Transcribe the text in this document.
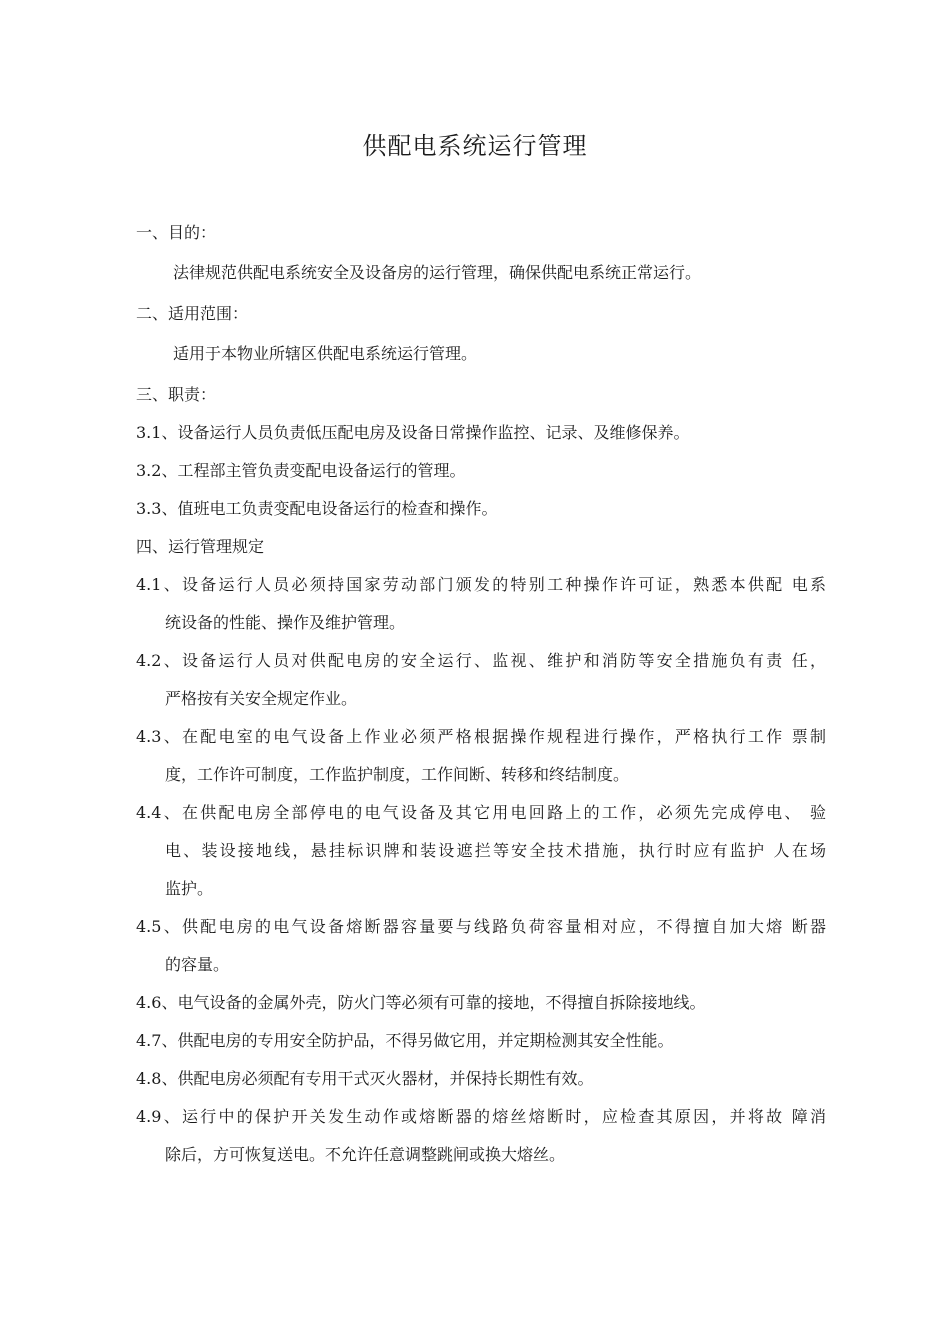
供配电系统运行管理
一、目的：
法律规范供配电系统安全及设备房的运行管理，确保供配电系统正常运行。
二、适用范围：
适用于本物业所辖区供配电系统运行管理。
三、职责：
3.1、设备运行人员负责低压配电房及设备日常操作监控、记录、及维修保养。
3.2、工程部主管负责变配电设备运行的管理。
3.3、值班电工负责变配电设备运行的检查和操作。
四、运行管理规定
4.1、设备运行人员必须持国家劳动部门颁发的特别工种操作许可证，熟悉本供配 电系
统设备的性能、操作及维护管理。
4.2、设备运行人员对供配电房的安全运行、监视、维护和消防等安全措施负有责 任，
严格按有关安全规定作业。
4.3、在配电室的电气设备上作业必须严格根据操作规程进行操作，严格执行工作 票制
度，工作许可制度，工作监护制度，工作间断、转移和终结制度。
4.4、在供配电房全部停电的电气设备及其它用电回路上的工作，必须先完成停电、 验
电、装设接地线，悬挂标识牌和装设遮拦等安全技术措施，执行时应有监护 人在场
监护。
4.5、供配电房的电气设备熔断器容量要与线路负荷容量相对应，不得擅自加大熔 断器
的容量。
4.6、电气设备的金属外壳，防火门等必须有可靠的接地，不得擅自拆除接地线。
4.7、供配电房的专用安全防护品，不得另做它用，并定期检测其安全性能。
4.8、供配电房必须配有专用干式灭火器材，并保持长期性有效。
4.9、运行中的保护开关发生动作或熔断器的熔丝熔断时，应检查其原因，并将故 障消
除后，方可恢复送电。不允许任意调整跳闸或换大熔丝。
